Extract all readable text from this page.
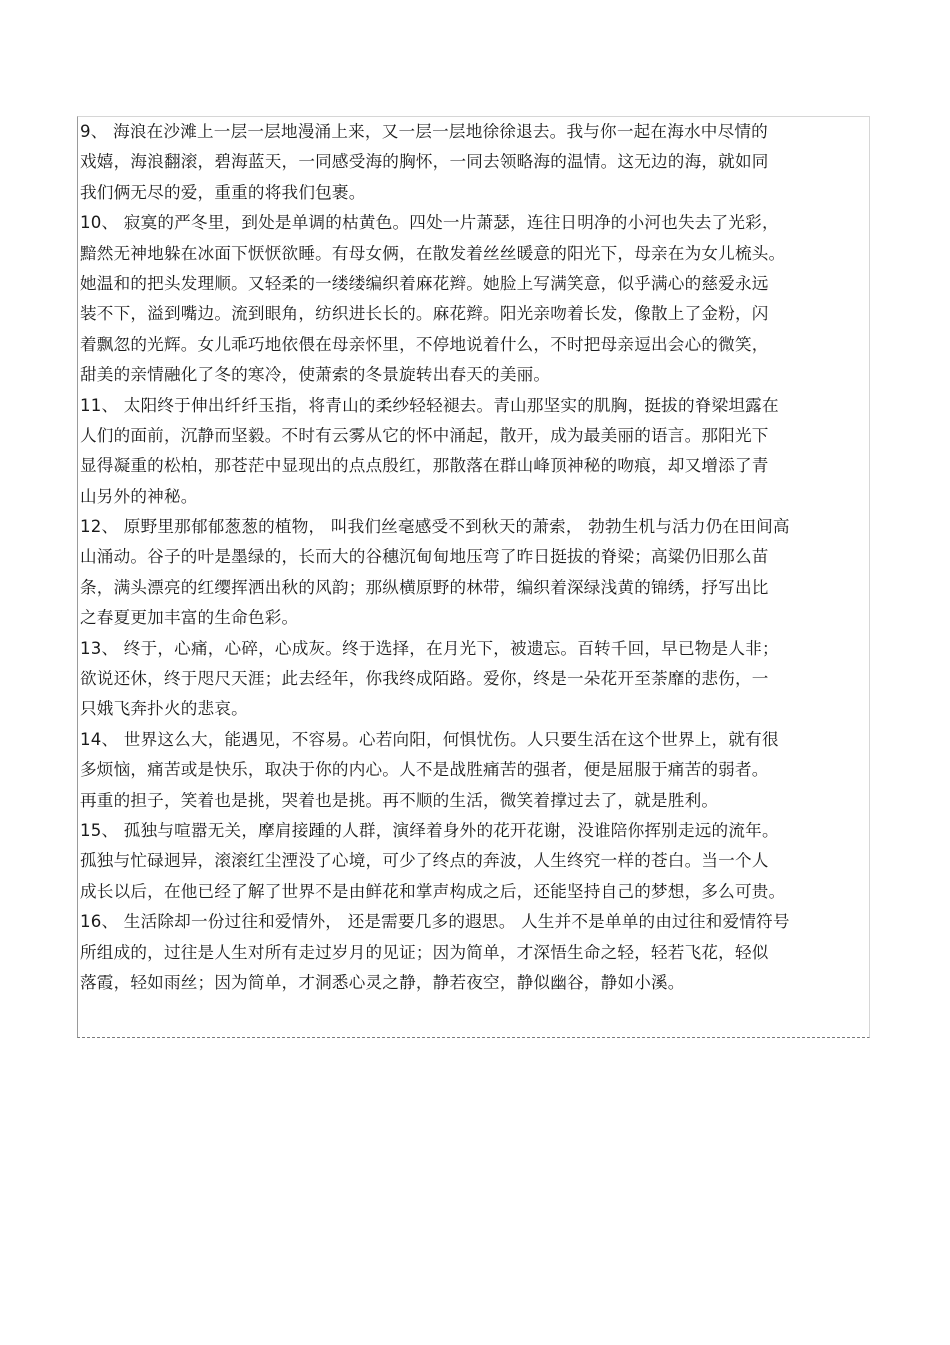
9、 海浪在沙滩上一层一层地漫涌上来，又一层一层地徐徐退去。我与你一起在海水中尽情的
戏嬉，海浪翻滚，碧海蓝天，一同感受海的胸怀，一同去领略海的温情。这无边的海，就如同
我们俩无尽的爱，重重的将我们包裹。
10、 寂寞的严冬里，到处是单调的枯黄色。四处一片萧瑟，连往日明净的小河也失去了光彩，
黯然无神地躲在冰面下恹恹欲睡。有母女俩，在散发着丝丝暖意的阳光下，母亲在为女儿梳头。
她温和的把头发理顺。又轻柔的一缕缕编织着麻花辫。她脸上写满笑意，似乎满心的慈爱永远
装不下，溢到嘴边。流到眼角，纺织进长长的。麻花辫。阳光亲吻着长发，像散上了金粉，闪
着飘忽的光辉。女儿乖巧地依偎在母亲怀里，不停地说着什么，不时把母亲逗出会心的微笑，
甜美的亲情融化了冬的寒冷，使萧索的冬景旋转出春天的美丽。
11、 太阳终于伸出纤纤玉指，将青山的柔纱轻轻褪去。青山那坚实的肌胸，挺拔的脊梁坦露在
人们的面前，沉静而坚毅。不时有云雾从它的怀中涌起，散开，成为最美丽的语言。那阳光下
显得凝重的松柏，那苍茫中显现出的点点殷红，那散落在群山峰顶神秘的吻痕，却又增添了青
山另外的神秘。
12、 原野里那郁郁葱葱的植物， 叫我们丝毫感受不到秋天的萧索， 勃勃生机与活力仍在田间高
山涌动。谷子的叶是墨绿的，长而大的谷穗沉甸甸地压弯了昨日挺拔的脊梁；高粱仍旧那么苗
条，满头漂亮的红缨挥洒出秋的风韵；那纵横原野的林带，编织着深绿浅黄的锦绣，抒写出比
之春夏更加丰富的生命色彩。
13、 终于，心痛，心碎，心成灰。终于选择，在月光下，被遗忘。百转千回，早已物是人非；
欲说还休，终于咫尺天涯；此去经年，你我终成陌路。爱你，终是一朵花开至荼靡的悲伤，一
只娥飞奔扑火的悲哀。
14、 世界这么大，能遇见，不容易。心若向阳，何惧忧伤。人只要生活在这个世界上，就有很
多烦恼，痛苦或是快乐，取决于你的内心。人不是战胜痛苦的强者，便是屈服于痛苦的弱者。
再重的担子，笑着也是挑，哭着也是挑。再不顺的生活，微笑着撑过去了，就是胜利。
15、 孤独与喧嚣无关，摩肩接踵的人群，演绎着身外的花开花谢，没谁陪你挥别走远的流年。
孤独与忙碌迥异，滚滚红尘湮没了心境，可少了终点的奔波，人生终究一样的苍白。当一个人
成长以后，在他已经了解了世界不是由鲜花和掌声构成之后，还能坚持自己的梦想，多么可贵。
16、 生活除却一份过往和爱情外， 还是需要几多的遐思。 人生并不是单单的由过往和爱情符号
所组成的，过往是人生对所有走过岁月的见证；因为简单，才深悟生命之轻，轻若飞花，轻似
落霞，轻如雨丝；因为简单，才洞悉心灵之静，静若夜空，静似幽谷，静如小溪。
